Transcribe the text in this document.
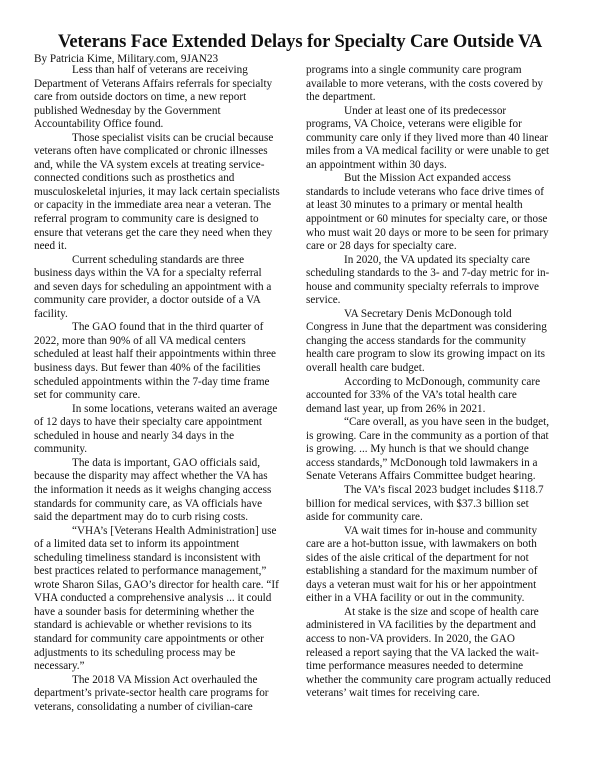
Veterans Face Extended Delays for Specialty Care Outside VA
By Patricia Kime, Military.com, 9JAN23

Less than half of veterans are receiving Department of Veterans Affairs referrals for specialty care from outside doctors on time, a new report published Wednesday by the Government Accountability Office found.

Those specialist visits can be crucial because veterans often have complicated or chronic illnesses and, while the VA system excels at treating service-connected conditions such as prosthetics and musculoskeletal injuries, it may lack certain specialists or capacity in the immediate area near a veteran. The referral program to community care is designed to ensure that veterans get the care they need when they need it.

Current scheduling standards are three business days within the VA for a specialty referral and seven days for scheduling an appointment with a community care provider, a doctor outside of a VA facility.

The GAO found that in the third quarter of 2022, more than 90% of all VA medical centers scheduled at least half their appointments within three business days. But fewer than 40% of the facilities scheduled appointments within the 7-day time frame set for community care.

In some locations, veterans waited an average of 12 days to have their specialty care appointment scheduled in house and nearly 34 days in the community.

The data is important, GAO officials said, because the disparity may affect whether the VA has the information it needs as it weighs changing access standards for community care, as VA officials have said the department may do to curb rising costs.

“VHA’s [Veterans Health Administration] use of a limited data set to inform its appointment scheduling timeliness standard is inconsistent with best practices related to performance management,” wrote Sharon Silas, GAO’s director for health care. “If VHA conducted a comprehensive analysis ... it could have a sounder basis for determining whether the standard is achievable or whether revisions to its standard for community care appointments or other adjustments to its scheduling process may be necessary.”

The 2018 VA Mission Act overhauled the department’s private-sector health care programs for veterans, consolidating a number of civilian-care

programs into a single community care program available to more veterans, with the costs covered by the department.

Under at least one of its predecessor programs, VA Choice, veterans were eligible for community care only if they lived more than 40 linear miles from a VA medical facility or were unable to get an appointment within 30 days.

But the Mission Act expanded access standards to include veterans who face drive times of at least 30 minutes to a primary or mental health appointment or 60 minutes for specialty care, or those who must wait 20 days or more to be seen for primary care or 28 days for specialty care.

In 2020, the VA updated its specialty care scheduling standards to the 3- and 7-day metric for in-house and community specialty referrals to improve service.

VA Secretary Denis McDonough told Congress in June that the department was considering changing the access standards for the community health care program to slow its growing impact on its overall health care budget.

According to McDonough, community care accounted for 33% of the VA’s total health care demand last year, up from 26% in 2021.

“Care overall, as you have seen in the budget, is growing. Care in the community as a portion of that is growing. ... My hunch is that we should change access standards,” McDonough told lawmakers in a Senate Veterans Affairs Committee budget hearing.

The VA’s fiscal 2023 budget includes $118.7 billion for medical services, with $37.3 billion set aside for community care.

VA wait times for in-house and community care are a hot-button issue, with lawmakers on both sides of the aisle critical of the department for not establishing a standard for the maximum number of days a veteran must wait for his or her appointment either in a VHA facility or out in the community.

At stake is the size and scope of health care administered in VA facilities by the department and access to non-VA providers. In 2020, the GAO released a report saying that the VA lacked the wait-time performance measures needed to determine whether the community care program actually reduced veterans’ wait times for receiving care.
